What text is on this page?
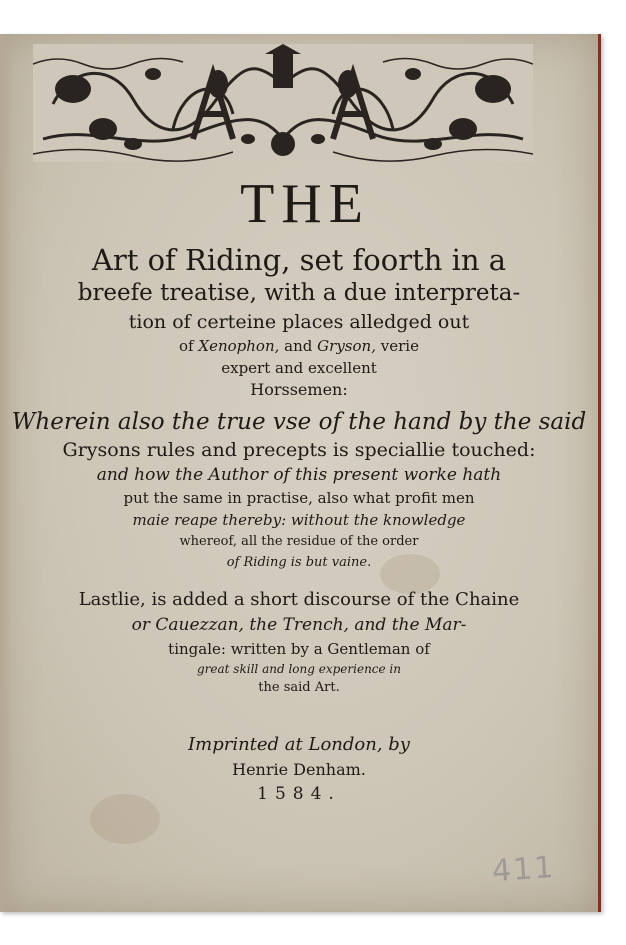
THE
Art of Riding, set foorth in a
breefe treatise, with a due interpreta-
tion of certeine places alledged out
of Xenophon, and Gryson, verie
expert and excellent
Horssemen:
Wherein also the true vse of the hand by the said
Grysons rules and precepts is speciallie touched:
and how the Author of this present worke hath
put the same in practise, also what profit men
maie reape thereby: without the knowledge
whereof, all the residue of the order
of Riding is but vaine.
Lastlie, is added a short discourse of the Chaine
or Cauezzan, the Trench, and the Mar-
tingale: written by a Gentleman of
great skill and long experience in
the said Art.
Imprinted at London, by
Henrie Denham.
1584.
411
